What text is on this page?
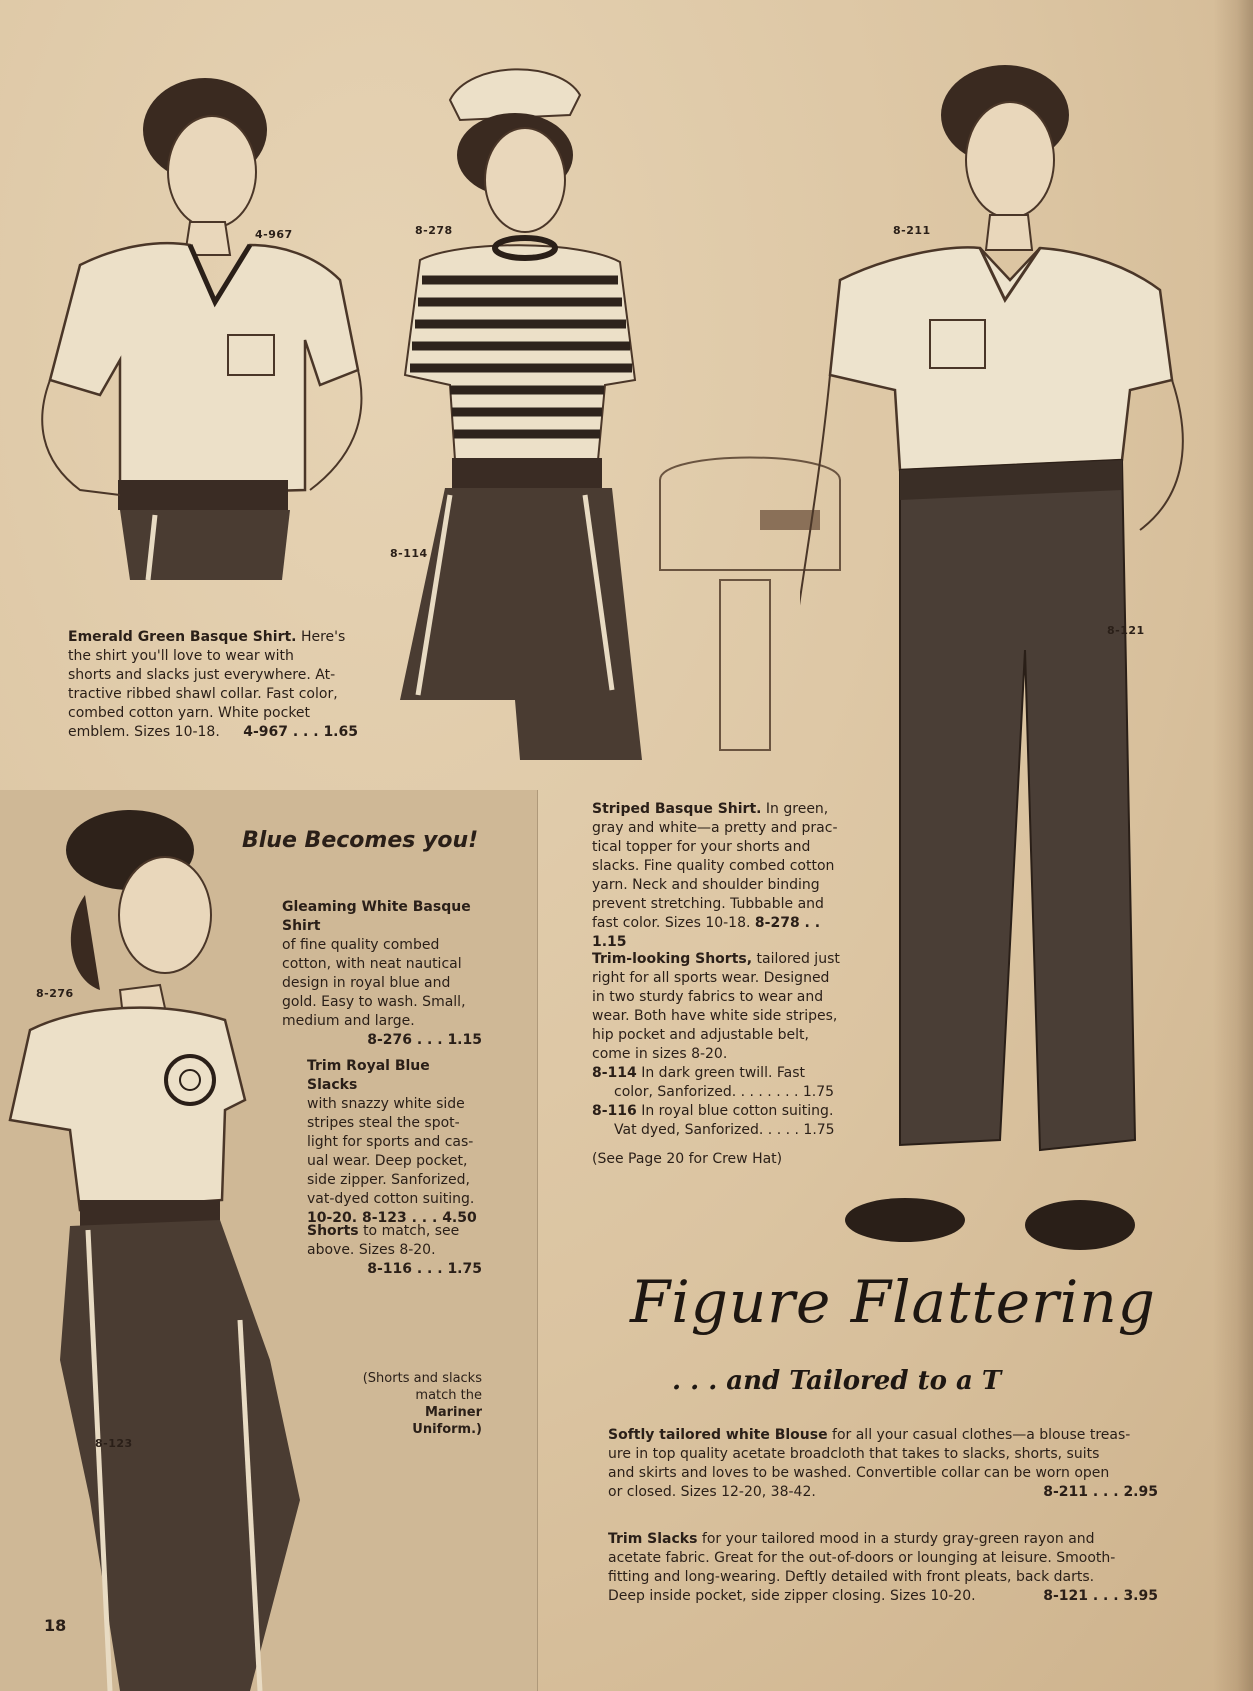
4-967	8-278
8-114
8-211
8-121
8-276
8-123
Emerald Green Basque Shirt. Here's
the shirt you'll love to wear with
shorts and slacks just everywhere. At-
tractive ribbed shawl collar. Fast color,
combed cotton yarn. White pocket
emblem. Sizes 10-18. 4-967 . . . 1.65
Striped Basque Shirt. In green,
gray and white—a pretty and prac-
tical topper for your shorts and
slacks. Fine quality combed cotton
yarn. Neck and shoulder binding
prevent stretching. Tubbable and
fast color. Sizes 10-18. 8-278 . . 1.15
Trim-looking Shorts, tailored just
right for all sports wear. Designed
in two sturdy fabrics to wear and
wear. Both have white side stripes,
hip pocket and adjustable belt,
come in sizes 8-20.
8-114 In dark green twill. Fast
color, Sanforized. . . . . . . . 1.75
8-116 In royal blue cotton suiting.
Vat dyed, Sanforized. . . . . 1.75
(See Page 20 for Crew Hat)
Blue Becomes you!
Gleaming White Basque Shirt
of fine quality combed
cotton, with neat nautical
design in royal blue and
gold. Easy to wash. Small,
medium and large.
8-276 . . . 1.15
Trim Royal Blue Slacks
with snazzy white side
stripes steal the spot-
light for sports and cas-
ual wear. Deep pocket,
side zipper. Sanforized,
vat-dyed cotton suiting.
10-20. 8-123 . . . 4.50
Shorts to match, see
above. Sizes 8-20.
8-116 . . . 1.75
(Shorts and slacks
match the
Mariner
Uniform.)
Figure Flattering
. . . and Tailored to a T
Softly tailored white Blouse for all your casual clothes—a blouse treas-
ure in top quality acetate broadcloth that takes to slacks, shorts, suits
and skirts and loves to be washed. Convertible collar can be worn open
or closed. Sizes 12-20, 38-42.	8-211 . . . 2.95
Trim Slacks for your tailored mood in a sturdy gray-green rayon and
acetate fabric. Great for the out-of-doors or lounging at leisure. Smooth-
fitting and long-wearing. Deftly detailed with front pleats, back darts.
Deep inside pocket, side zipper closing. Sizes 10-20.	8-121 . . . 3.95
18
